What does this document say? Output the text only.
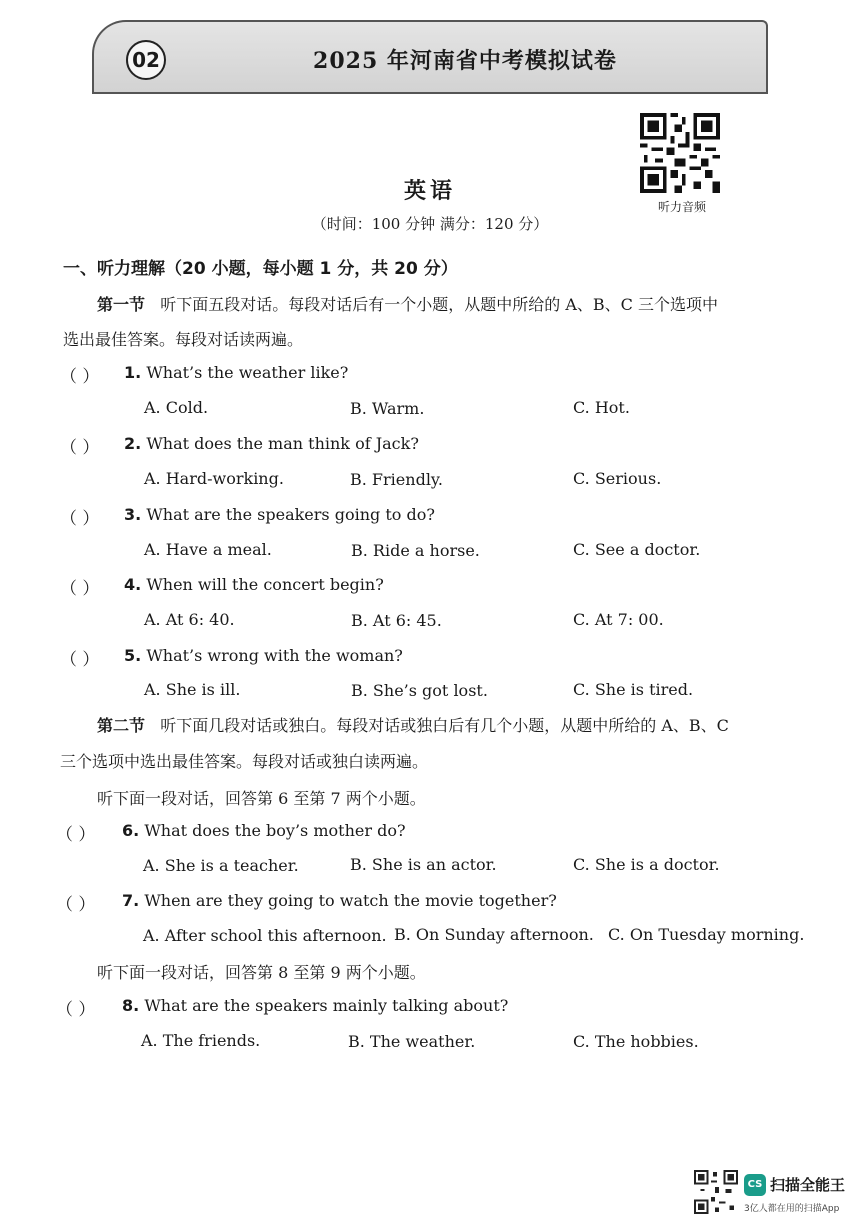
02	2025 年河南省中考模拟试卷
听力音频
英语
（时间：100 分钟 满分：120 分）
一、听力理解（20 小题，每小题 1 分，共 20 分）
第一节 听下面五段对话。每段对话后有一个小题，从题中所给的 A、B、C 三个选项中
选出最佳答案。每段对话读两遍。
（ ） 1. What’s the weather like?
A. Cold.	B. Warm.	C. Hot.
（ ） 2. What does the man think of Jack?
A. Hard-working.	B. Friendly.	C. Serious.
（ ） 3. What are the speakers going to do?
A. Have a meal.	B. Ride a horse.	C. See a doctor.
（ ） 4. When will the concert begin?
A. At 6: 40.	B. At 6: 45.	C. At 7: 00.
（ ） 5. What’s wrong with the woman?
A. She is ill.	B. She’s got lost.	C. She is tired.
第二节 听下面几段对话或独白。每段对话或独白后有几个小题，从题中所给的 A、B、C
三个选项中选出最佳答案。每段对话或独白读两遍。
听下面一段对话，回答第 6 至第 7 两个小题。
（ ） 6. What does the boy’s mother do?
A. She is a teacher.	B. She is an actor.	C. She is a doctor.
（ ） 7. When are they going to watch the movie together?
A. After school this afternoon. B. On Sunday afternoon. C. On Tuesday morning.
听下面一段对话，回答第 8 至第 9 两个小题。
（ ） 8. What are the speakers mainly talking about?
A. The friends.	B. The weather.	C. The hobbies.
CS 扫描全能王
3亿人都在用的扫描App
